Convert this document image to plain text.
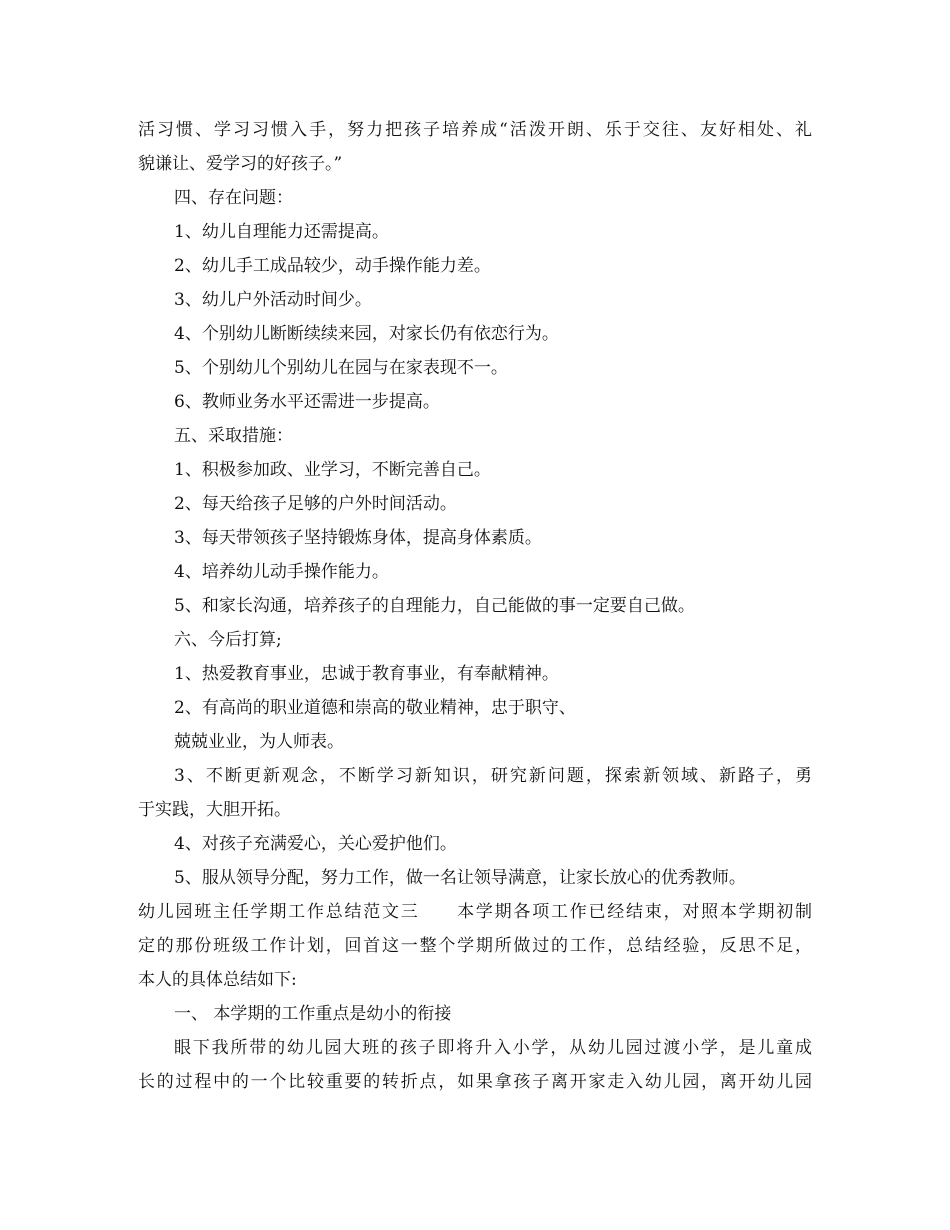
活习惯、学习习惯入手，努力把孩子培养成“活泼开朗、乐于交往、友好相处、礼
貌谦让、爱学习的好孩子。”
四、存在问题：
1、幼儿自理能力还需提高。
2、幼儿手工成品较少，动手操作能力差。
3、幼儿户外活动时间少。
4、个别幼儿断断续续来园，对家长仍有依恋行为。
5、个别幼儿个别幼儿在园与在家表现不一。
6、教师业务水平还需进一步提高。
五、采取措施：
1、积极参加政、业学习，不断完善自己。
2、每天给孩子足够的户外时间活动。
3、每天带领孩子坚持锻炼身体，提高身体素质。
4、培养幼儿动手操作能力。
5、和家长沟通，培养孩子的自理能力，自己能做的事一定要自己做。
六、今后打算;
1、热爱教育事业，忠诚于教育事业，有奉献精神。
2、有高尚的职业道德和崇高的敬业精神，忠于职守、
兢兢业业，为人师表。
3、不断更新观念，不断学习新知识，研究新问题，探索新领域、新路子，勇
于实践，大胆开拓。
4、对孩子充满爱心，关心爱护他们。
5、服从领导分配，努力工作，做一名让领导满意，让家长放心的优秀教师。
幼儿园班主任学期工作总结范文三　　本学期各项工作已经结束，对照本学期初制
定的那份班级工作计划，回首这一整个学期所做过的工作，总结经验，反思不足，
本人的具体总结如下:
一、 本学期的工作重点是幼小的衔接
眼下我所带的幼儿园大班的孩子即将升入小学，从幼儿园过渡小学，是儿童成
长的过程中的一个比较重要的转折点，如果拿孩子离开家走入幼儿园，离开幼儿园
